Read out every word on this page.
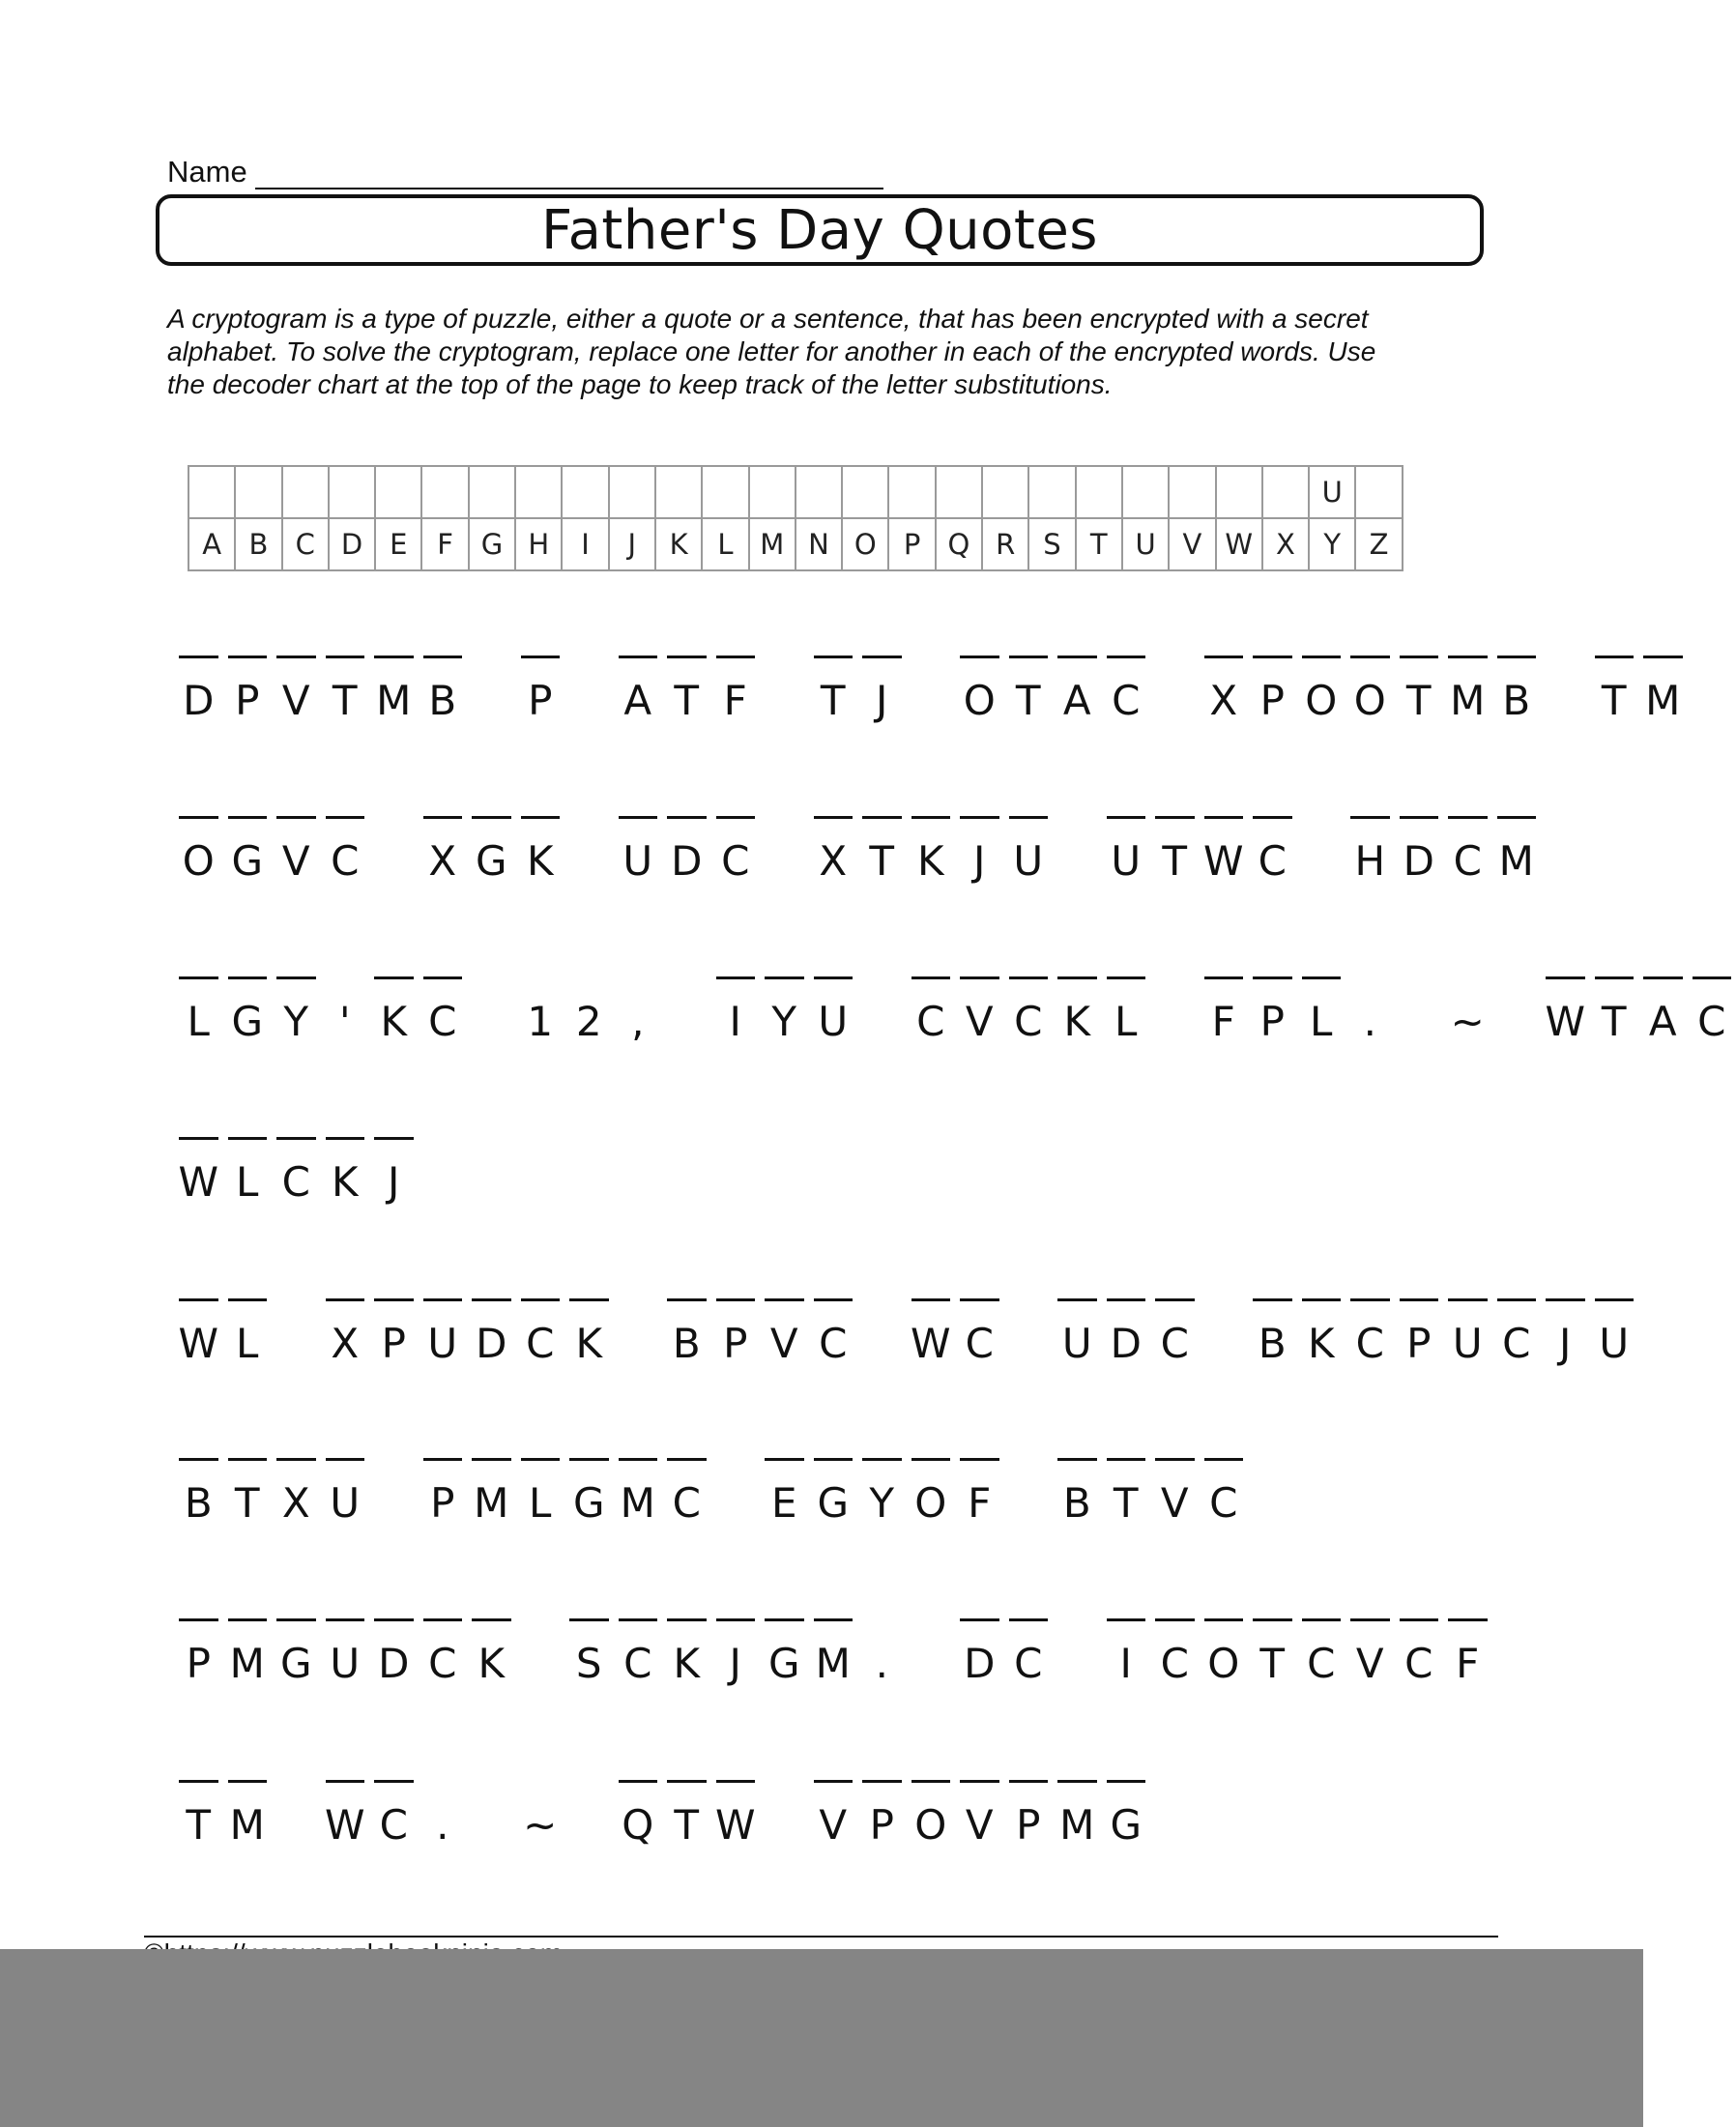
Name
Father's Day Quotes
A cryptogram is a type of puzzle, either a quote or a sentence, that has been encrypted with a secret alphabet. To solve the cryptogram, replace one letter for another in each of the encrypted words. Use the decoder chart at the top of the page to keep track of the letter substitutions.
																								U	
A	B	C	D	E	F	G	H	I	J	K	L	M	N	O	P	Q	R	S	T	U	V	W	X	Y	Z
D P V T M B
P
A T F
	T J
	O T A C
X P O O T M B
T M
O G V C
X G K
U D C
X T K J U
U T W C
H D C M
L G Y ' K C
1 2 ,
	I Y U
C V C K L
	F P L .
	~
W T A C
W L C K J
W L
	X P U D C K
B P V C
W C
U D C
B K C P U C J U
B T X U
P M L G M C
E G Y O F
	B T V C
P M G U D C K
S C K J G M .
	D C
	I C O T C V C F
T M
W C .
	~
Q T W
V P O V P M G
